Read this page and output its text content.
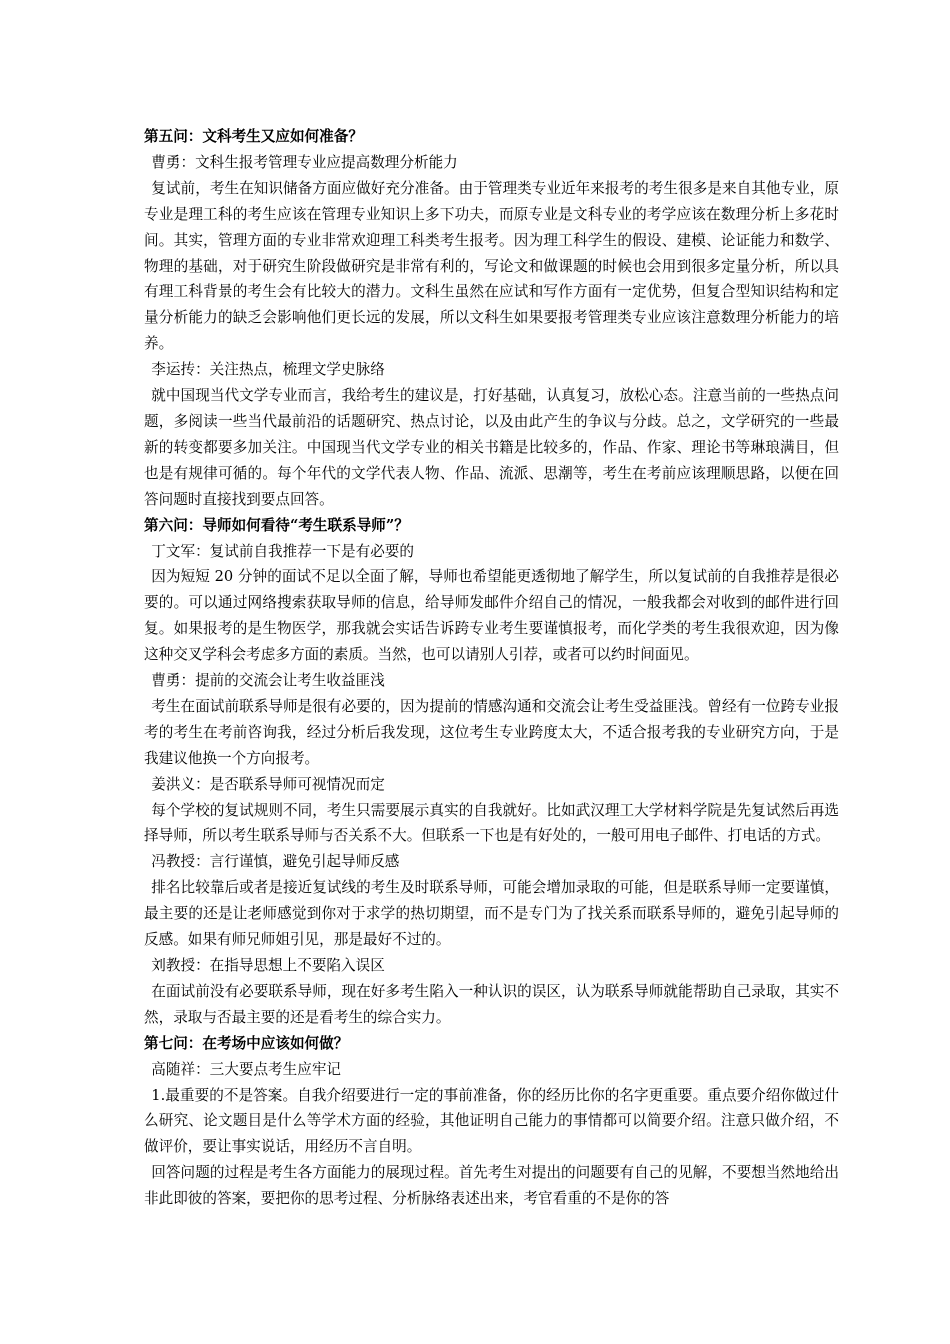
第五问：文科考生又应如何准备？
曹勇：文科生报考管理专业应提高数理分析能力
复试前，考生在知识储备方面应做好充分准备。由于管理类专业近年来报考的考生很多是来自其他专业，原专业是理工科的考生应该在管理专业知识上多下功夫，而原专业是文科专业的考学应该在数理分析上多花时间。其实，管理方面的专业非常欢迎理工科类考生报考。因为理工科学生的假设、建模、论证能力和数学、物理的基础，对于研究生阶段做研究是非常有利的，写论文和做课题的时候也会用到很多定量分析，所以具有理工科背景的考生会有比较大的潜力。文科生虽然在应试和写作方面有一定优势，但复合型知识结构和定量分析能力的缺乏会影响他们更长远的发展，所以文科生如果要报考管理类专业应该注意数理分析能力的培养。
李运抟：关注热点，梳理文学史脉络
就中国现当代文学专业而言，我给考生的建议是，打好基础，认真复习，放松心态。注意当前的一些热点问题，多阅读一些当代最前沿的话题研究、热点讨论，以及由此产生的争议与分歧。总之，文学研究的一些最新的转变都要多加关注。中国现当代文学专业的相关书籍是比较多的，作品、作家、理论书等琳琅满目，但也是有规律可循的。每个年代的文学代表人物、作品、流派、思潮等，考生在考前应该理顺思路，以便在回答问题时直接找到要点回答。
第六问：导师如何看待“考生联系导师”？
丁文军：复试前自我推荐一下是有必要的
因为短短 20 分钟的面试不足以全面了解，导师也希望能更透彻地了解学生，所以复试前的自我推荐是很必要的。可以通过网络搜索获取导师的信息，给导师发邮件介绍自己的情况，一般我都会对收到的邮件进行回复。如果报考的是生物医学，那我就会实话告诉跨专业考生要谨慎报考，而化学类的考生我很欢迎，因为像这种交叉学科会考虑多方面的素质。当然，也可以请别人引荐，或者可以约时间面见。
曹勇：提前的交流会让考生收益匪浅
考生在面试前联系导师是很有必要的，因为提前的情感沟通和交流会让考生受益匪浅。曾经有一位跨专业报考的考生在考前咨询我，经过分析后我发现，这位考生专业跨度太大，不适合报考我的专业研究方向，于是我建议他换一个方向报考。
姜洪义：是否联系导师可视情况而定
每个学校的复试规则不同，考生只需要展示真实的自我就好。比如武汉理工大学材料学院是先复试然后再选择导师，所以考生联系导师与否关系不大。但联系一下也是有好处的，一般可用电子邮件、打电话的方式。
冯教授：言行谨慎，避免引起导师反感
排名比较靠后或者是接近复试线的考生及时联系导师，可能会增加录取的可能，但是联系导师一定要谨慎，最主要的还是让老师感觉到你对于求学的热切期望，而不是专门为了找关系而联系导师的，避免引起导师的反感。如果有师兄师姐引见，那是最好不过的。
刘教授：在指导思想上不要陷入误区
在面试前没有必要联系导师，现在好多考生陷入一种认识的误区，认为联系导师就能帮助自己录取，其实不然，录取与否最主要的还是看考生的综合实力。
第七问：在考场中应该如何做？
高随祥：三大要点考生应牢记
1.最重要的不是答案。自我介绍要进行一定的事前准备，你的经历比你的名字更重要。重点要介绍你做过什么研究、论文题目是什么等学术方面的经验，其他证明自己能力的事情都可以简要介绍。注意只做介绍，不做评价，要让事实说话，用经历不言自明。
回答问题的过程是考生各方面能力的展现过程。首先考生对提出的问题要有自己的见解，不要想当然地给出非此即彼的答案，要把你的思考过程、分析脉络表述出来，考官看重的不是你的答
